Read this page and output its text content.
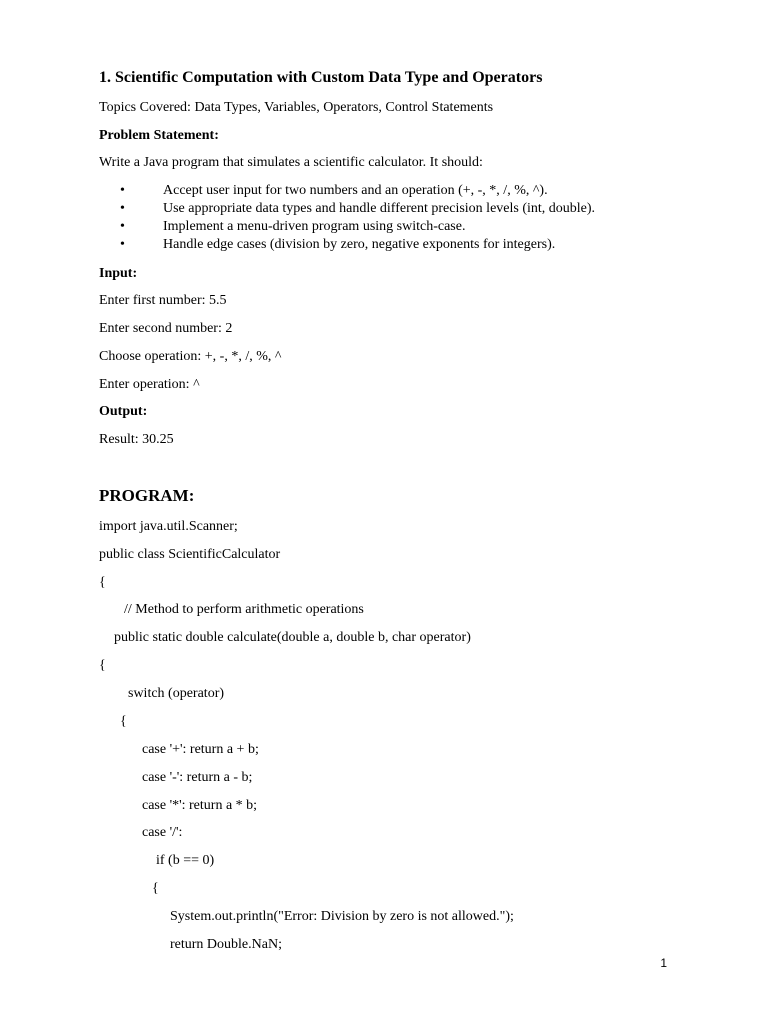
1. Scientific Computation with Custom Data Type and Operators
Topics Covered: Data Types, Variables, Operators, Control Statements
Problem Statement:
Write a Java program that simulates a scientific calculator. It should:
•	Accept user input for two numbers and an operation (+, -, *, /, %, ^).
•	Use appropriate data types and handle different precision levels (int, double).
•	Implement a menu-driven program using switch-case.
•	Handle edge cases (division by zero, negative exponents for integers).
Input:
Enter first number: 5.5
Enter second number: 2
Choose operation: +, -, *, /, %, ^
Enter operation: ^
Output:
Result: 30.25
PROGRAM:
import java.util.Scanner;
public class ScientificCalculator
{
// Method to perform arithmetic operations
public static double calculate(double a, double b, char operator)
{
switch (operator)
{
case '+': return a + b;
case '-': return a - b;
case '*': return a * b;
case '/':
if (b == 0)
{
System.out.println("Error: Division by zero is not allowed.");
return Double.NaN;
1
